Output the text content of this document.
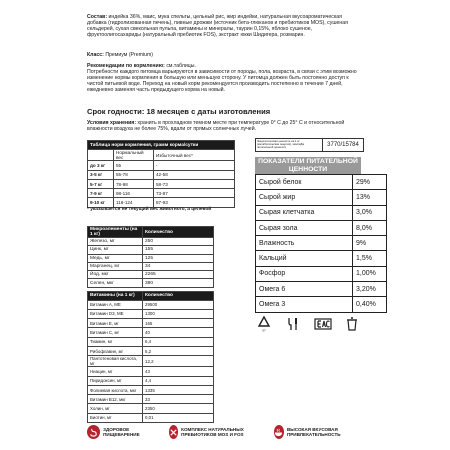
Состав: индейка 36%, маис, мука спельты, цельный рис, жир индейки, натуральная вкусоароматическая добавка (гидролизованная печень), пивные дрожжи (источник бета-глюканов и пребиотиков MOS), сушеная сельдерей, сухая свекольная пульпа, витамины и минералы, таурин 0,15%, яблоко сушеное, фруктоолигосахариды (натуральный пребиотик FOS), экстракт юкки Шидигера, розмарин.
Класс: Премиум (Premium)
Рекомендации по кормлению: см.таблицы.
Потребности каждого питомца варьируются в зависимости от породы, пола, возраста, в связи с этим возможно изменение нормы кормления в большую или меньшую сторону. У питомца должен быть постоянно доступ к чистой питьевой воде. Переход на новый корм рекомендуется производить постепенно в течение 7 дней, ежедневно заменяя часть предыдущего корма на новый.
Срок годности: 18 месяцев с даты изготовления
Условия хранения: хранить в прохладном темном месте при температуре 0° С до 25° С и относительной влажности воздуха не более 75%, вдали от прямых солнечных лучей.
Таблица норм кормления, грамм корма/сутки		
	Нормальный вес	Избыточный вес*
до 3 кг	55	-
3-5 кг	55-78	42-58
5-7 кг	78-98	58-73
7-9 кг	98-116	73-87
9-10 кг	116-124	87-93
* указывается не текущий вес животного, а целевой
Микроэлементы (на 1 кг)	Количество
Железо, мг	250
Цинк, мг	155
Медь, мг	125
Марганец, мг	34
Йод, мкг	2265
Селен, мкг	380
Витамины (на 1 кг)	Количество
Витамин А, МЕ	29500
Витамин D3, МЕ	1300
Витамин Е, мг	165
Витамин С, мг	40
Тиамин, мг	6,4
Рибофлавин, мг	5,2
Пантотеновая кислота, мг	12,2
Ниацин, мг	43
Пиридоксин, мг	4,4
Фолиевая кислота, мкг	1335
Витамин В12, мкг	33
Холин, мг	2350
Биотин, мг	0,01
Энергетическая ценность на 1 кг (метаболическая энергия), ккал/кДж питательной ценности	3770/15784
ПОКАЗАТЕЛИ ПИТАТЕЛЬНОЙ ЦЕННОСТИ
Сырой белок	29%
Сырой жир	13%
Сырая клетчатка	3,0%
Сырая зола	8,0%
Влажность	9%
Кальций	1,5%
Фосфор	1,00%
Омега 6	3,20%
Омега 3	0,40%
07
ЗДОРОВОЕ ПИЩЕВАРЕНИЕ
КОМПЛЕКС НАТУРАЛЬНЫХ ПРЕБИОТИКОВ MOS И FOS
ВЫСОКАЯ ВКУСОВАЯ ПРИВЛЕКАТЕЛЬНОСТЬ
